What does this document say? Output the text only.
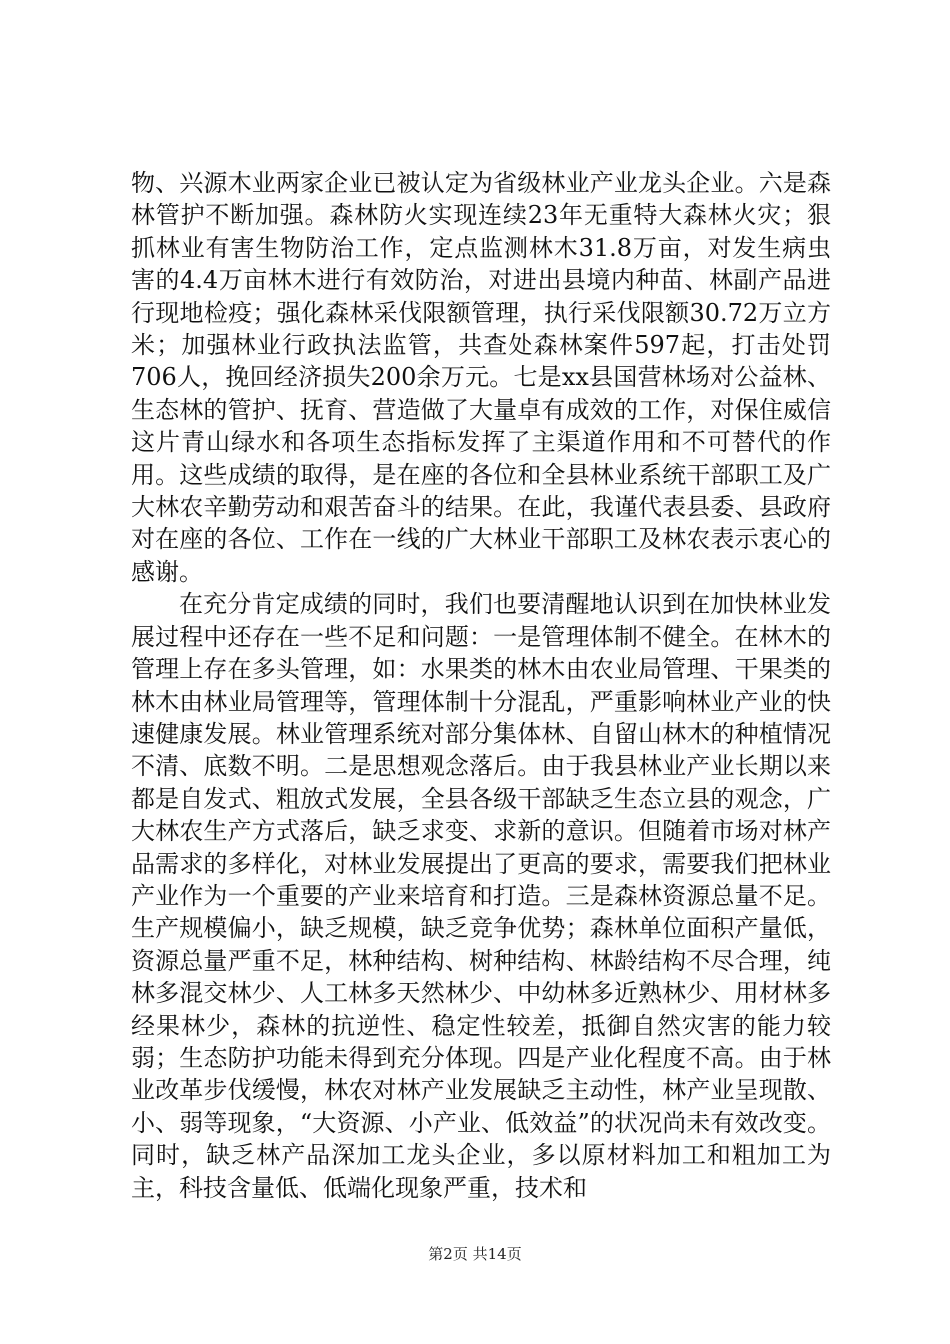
物、兴源木业两家企业已被认定为省级林业产业龙头企业。六是森林管护不断加强。森林防火实现连续23年无重特大森林火灾；狠抓林业有害生物防治工作，定点监测林木31.8万亩，对发生病虫害的4.4万亩林木进行有效防治，对进出县境内种苗、林副产品进行现地检疫；强化森林采伐限额管理，执行采伐限额30.72万立方米；加强林业行政执法监管，共查处森林案件597起，打击处罚706人，挽回经济损失200余万元。七是xx县国营林场对公益林、生态林的管护、抚育、营造做了大量卓有成效的工作，对保住威信这片青山绿水和各项生态指标发挥了主渠道作用和不可替代的作用。这些成绩的取得，是在座的各位和全县林业系统干部职工及广大林农辛勤劳动和艰苦奋斗的结果。在此，我谨代表县委、县政府对在座的各位、工作在一线的广大林业干部职工及林农表示衷心的感谢。

在充分肯定成绩的同时，我们也要清醒地认识到在加快林业发展过程中还存在一些不足和问题：一是管理体制不健全。在林木的管理上存在多头管理，如：水果类的林木由农业局管理、干果类的林木由林业局管理等，管理体制十分混乱，严重影响林业产业的快速健康发展。林业管理系统对部分集体林、自留山林木的种植情况不清、底数不明。二是思想观念落后。由于我县林业产业长期以来都是自发式、粗放式发展，全县各级干部缺乏生态立县的观念，广大林农生产方式落后，缺乏求变、求新的意识。但随着市场对林产品需求的多样化，对林业发展提出了更高的要求，需要我们把林业产业作为一个重要的产业来培育和打造。三是森林资源总量不足。生产规模偏小，缺乏规模，缺乏竞争优势；森林单位面积产量低，资源总量严重不足，林种结构、树种结构、林龄结构不尽合理，纯林多混交林少、人工林多天然林少、中幼林多近熟林少、用材林多经果林少，森林的抗逆性、稳定性较差，抵御自然灾害的能力较弱；生态防护功能未得到充分体现。四是产业化程度不高。由于林业改革步伐缓慢，林农对林产业发展缺乏主动性，林产业呈现散、小、弱等现象，“大资源、小产业、低效益”的状况尚未有效改变。同时，缺乏林产品深加工龙头企业，多以原材料加工和粗加工为主，科技含量低、低端化现象严重，技术和

第2页 共14页
